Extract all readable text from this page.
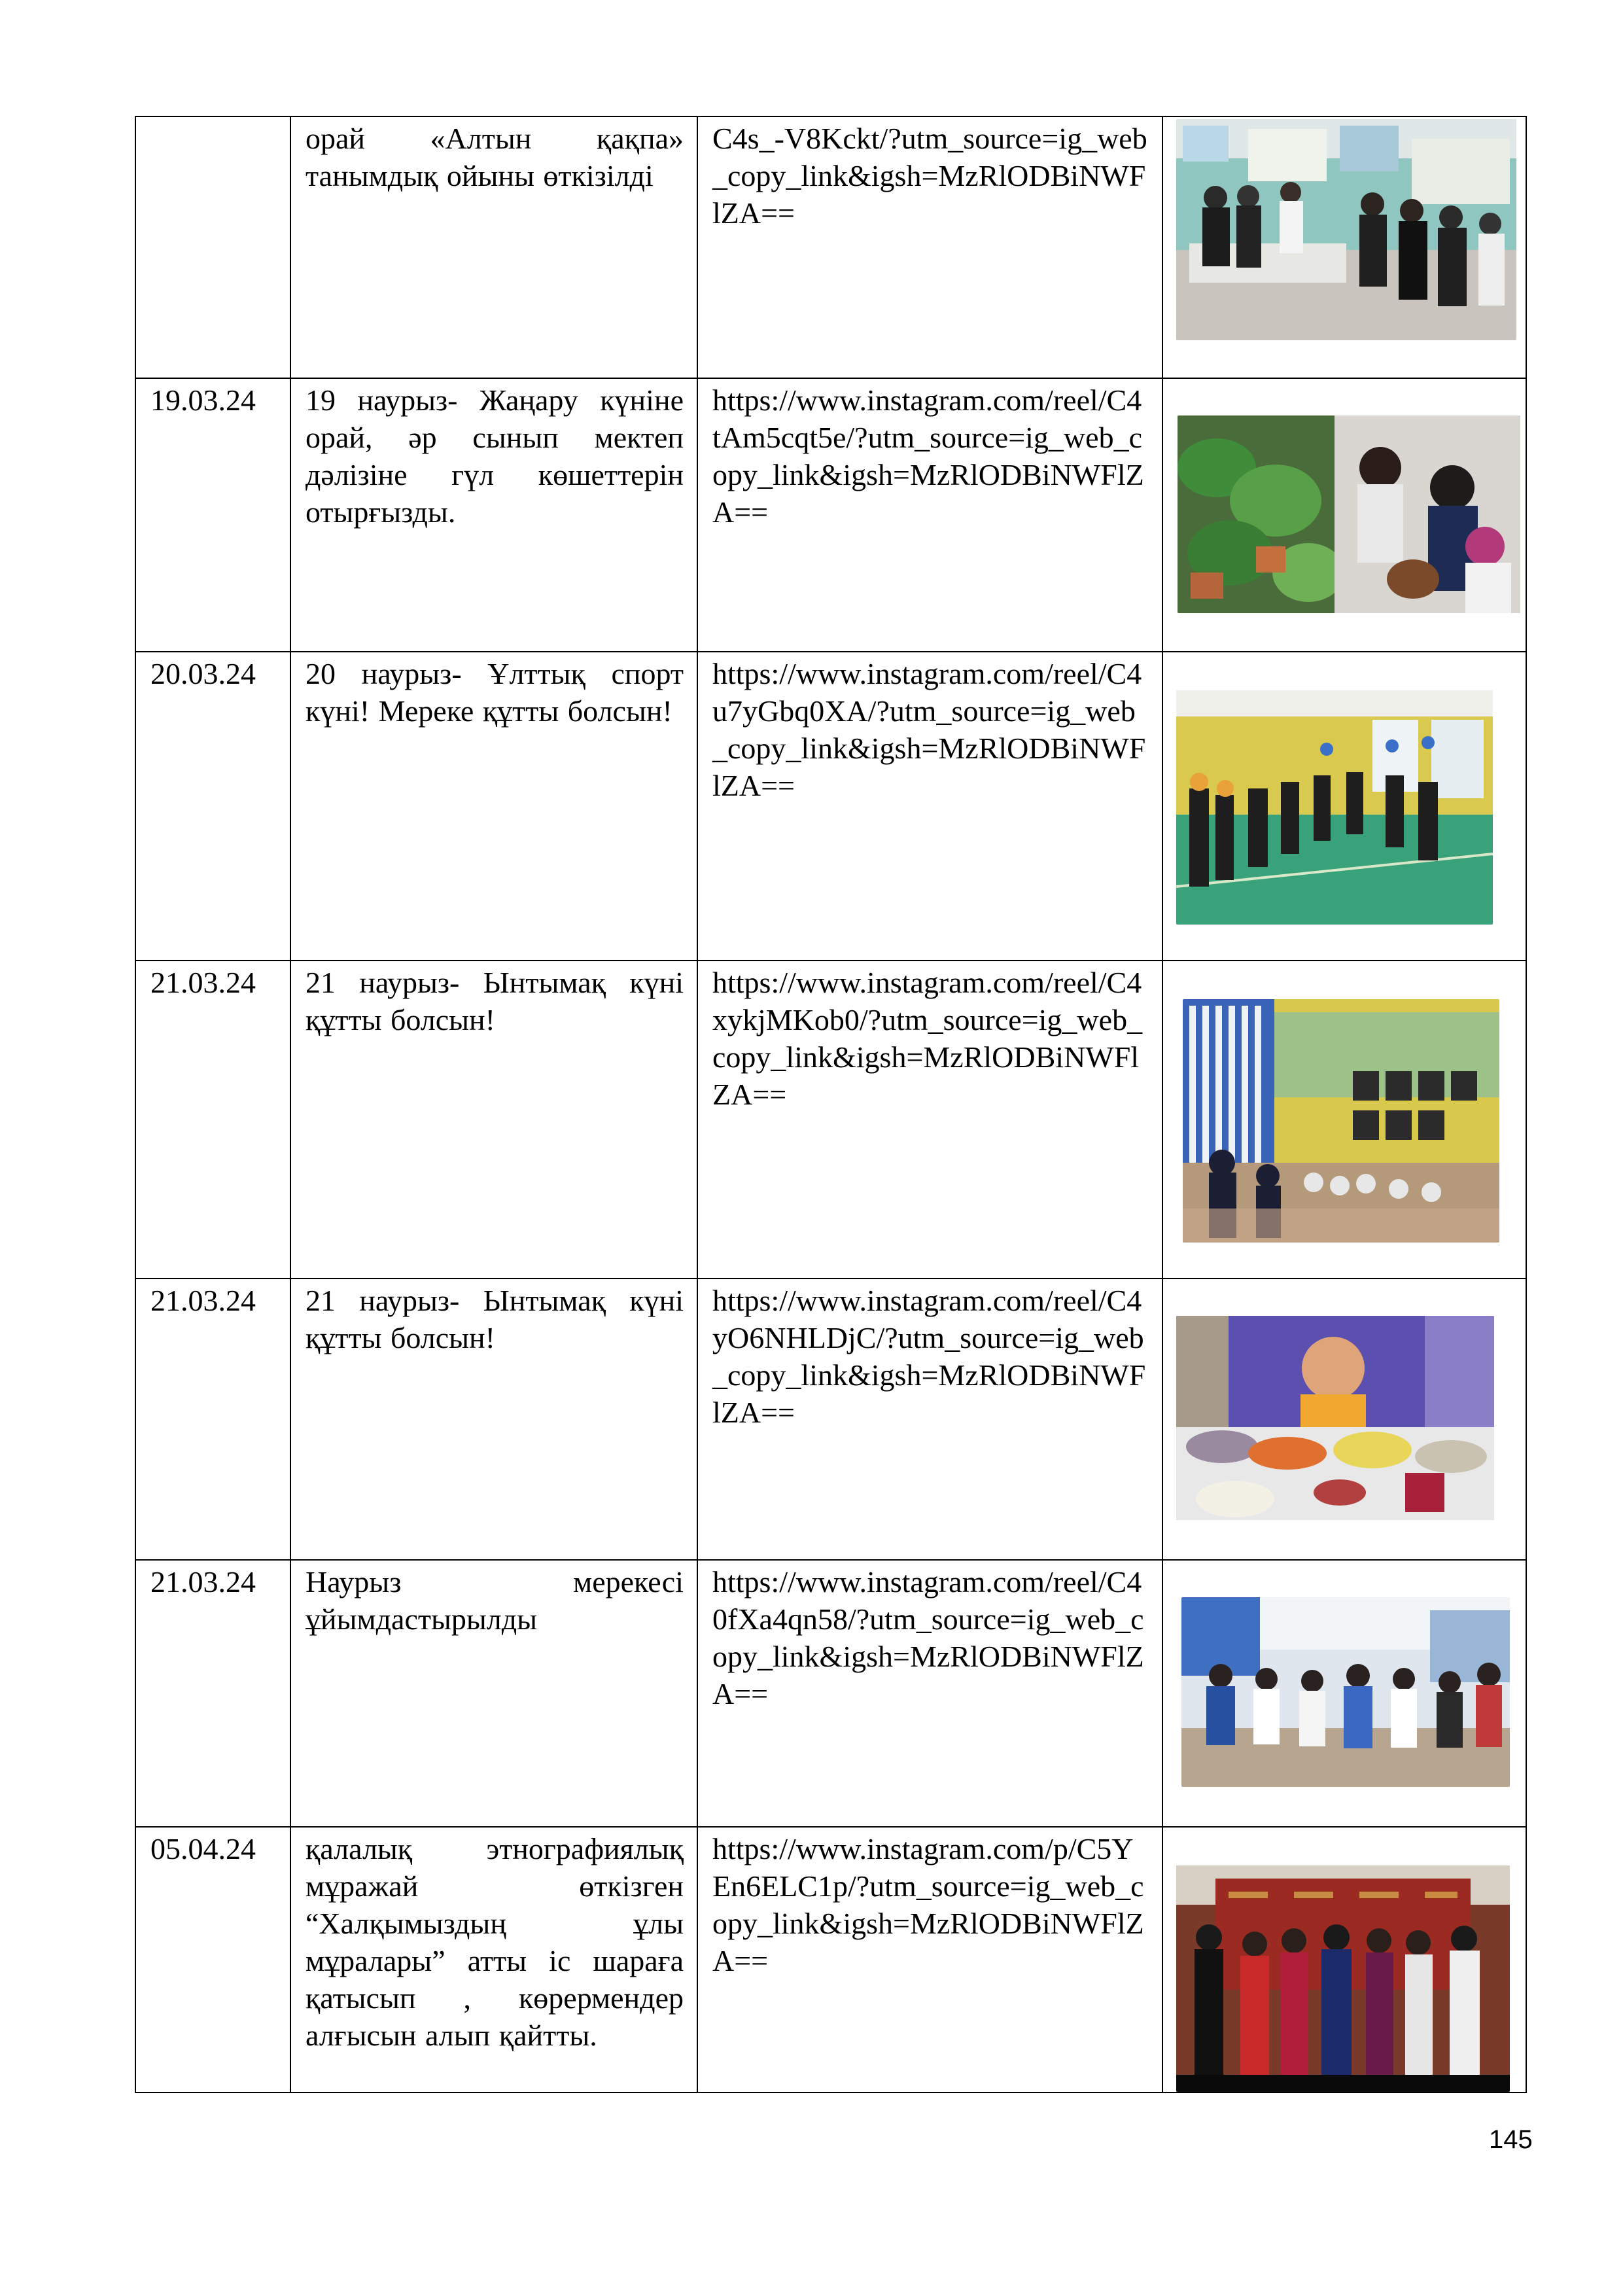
	орай «Алтын қақпа» танымдық ойыны өткізілді	C4s_-V8Kckt/?utm_source=ig_web_copy_link&igsh=MzRlODBiNWFlZA==	

19.03.24	19 наурыз- Жаңару күніне орай, әр сынып мектеп дәлізіне гүл көшеттерін отырғызды.	https://www.instagram.com/reel/C4tAm5cqt5e/?utm_source=ig_web_copy_link&igsh=MzRlODBiNWFlZA==	

20.03.24	20 наурыз- Ұлттық спорт күні! Мереке құтты болсын!	https://www.instagram.com/reel/C4u7yGbq0XA/?utm_source=ig_web_copy_link&igsh=MzRlODBiNWFlZA==	

21.03.24	21 наурыз- Ынтымақ күні құтты болсын!	https://www.instagram.com/reel/C4xykjMKob0/?utm_source=ig_web_copy_link&igsh=MzRlODBiNWFlZA==	

21.03.24	21 наурыз- Ынтымақ күні құтты болсын!	https://www.instagram.com/reel/C4yO6NHLDjC/?utm_source=ig_web_copy_link&igsh=MzRlODBiNWFlZA==	

21.03.24	Наурыз мерекесі ұйымдастырылды	https://www.instagram.com/reel/C40fXa4qn58/?utm_source=ig_web_copy_link&igsh=MzRlODBiNWFlZA==	

05.04.24	қалалық этнографиялық мұражай өткізген “Халқымыздың ұлы мұралары” атты іс шараға қатысып , көрермендер алғысын алып қайтты.	https://www.instagram.com/p/C5YEn6ELC1p/?utm_source=ig_web_copy_link&igsh=MzRlODBiNWFlZA==	
145
